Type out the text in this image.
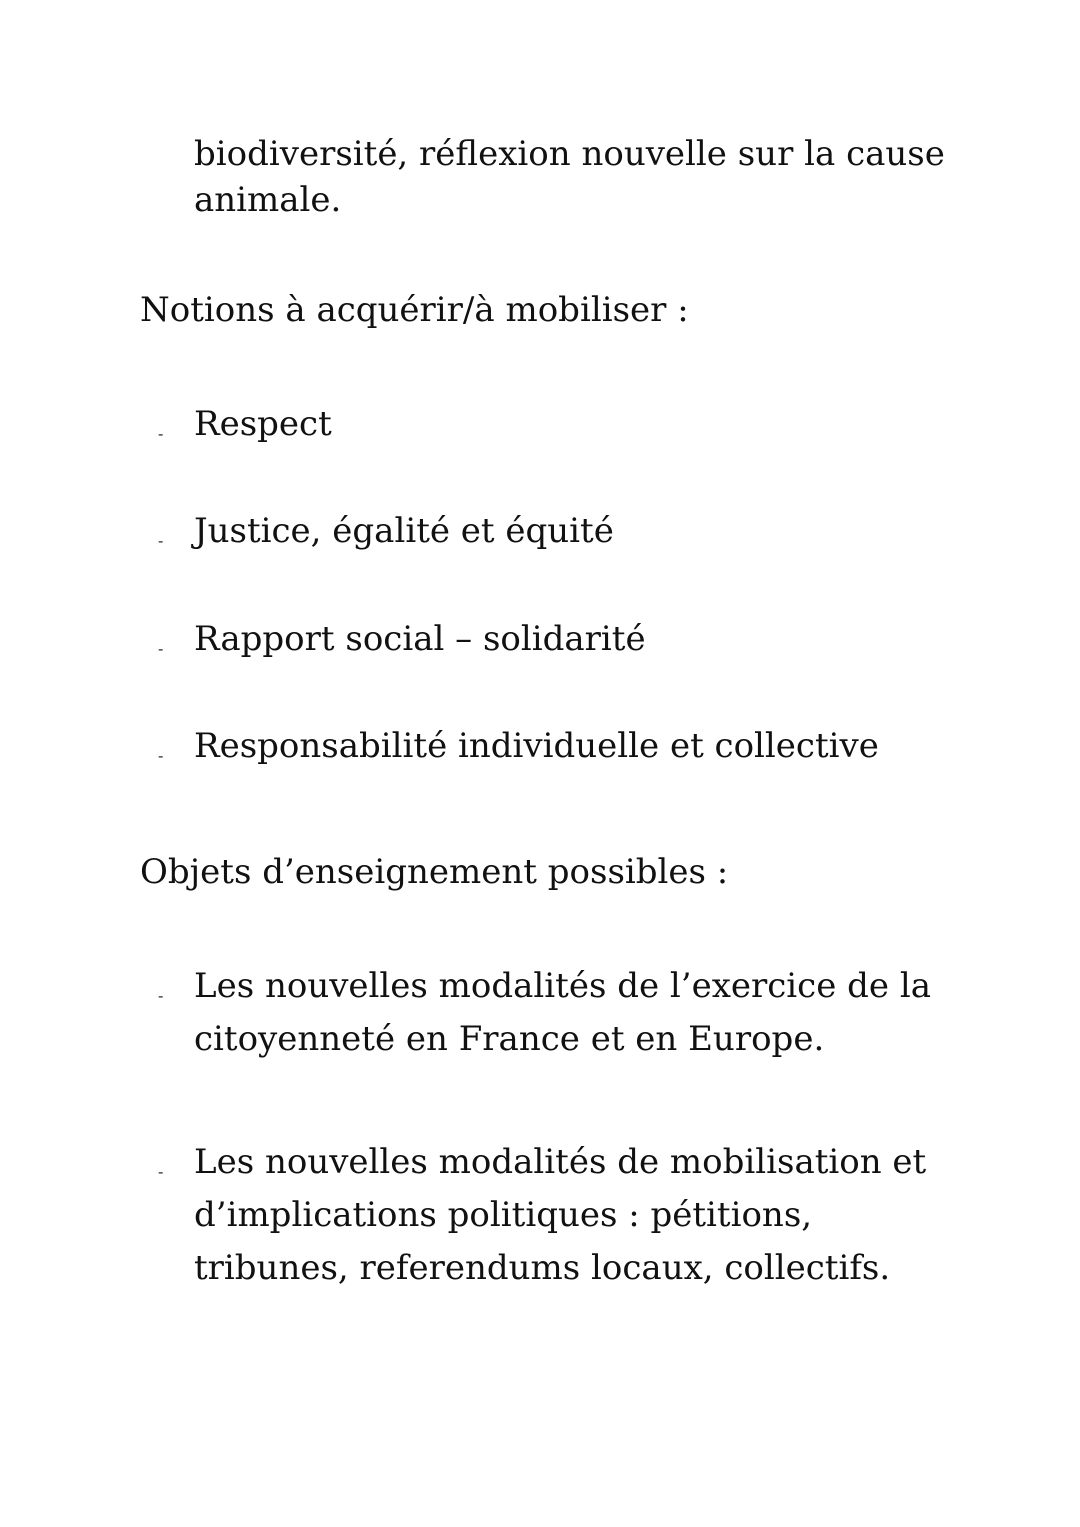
biodiversité, réflexion nouvelle sur la cause
animale.
Notions à acquérir/à mobiliser :
- Respect
- Justice, égalité et équité
- Rapport social – solidarité
- Responsabilité individuelle et collective
Objets d’enseignement possibles :
- Les nouvelles modalités de l’exercice de la
citoyenneté en France et en Europe.
- Les nouvelles modalités de mobilisation et
d’implications politiques : pétitions,
tribunes, referendums locaux, collectifs.
